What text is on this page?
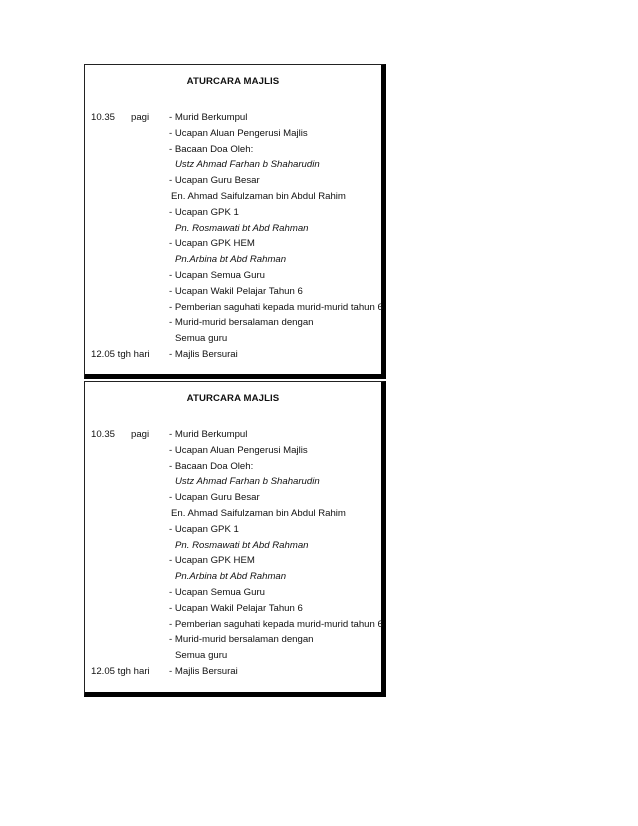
ATURCARA MAJLIS
10.35 pagi - Murid Berkumpul
- Ucapan Aluan Pengerusi Majlis
- Bacaan Doa Oleh:
Ustz Ahmad Farhan b Shaharudin
- Ucapan Guru Besar
En. Ahmad Saifulzaman bin Abdul Rahim
- Ucapan GPK 1
Pn. Rosmawati bt Abd Rahman
- Ucapan GPK HEM
Pn.Arbina bt Abd Rahman
- Ucapan Semua Guru
- Ucapan Wakil Pelajar Tahun 6
- Pemberian saguhati kepada murid-murid tahun 6
- Murid-murid bersalaman dengan
Semua guru
12.05 tgh hari - Majlis Bersurai
ATURCARA MAJLIS
10.35 pagi - Murid Berkumpul
- Ucapan Aluan Pengerusi Majlis
- Bacaan Doa Oleh:
Ustz Ahmad Farhan b Shaharudin
- Ucapan Guru Besar
En. Ahmad Saifulzaman bin Abdul Rahim
- Ucapan GPK 1
Pn. Rosmawati bt Abd Rahman
- Ucapan GPK HEM
Pn.Arbina bt Abd Rahman
- Ucapan Semua Guru
- Ucapan Wakil Pelajar Tahun 6
- Pemberian saguhati kepada murid-murid tahun 6
- Murid-murid bersalaman dengan
Semua guru
12.05 tgh hari - Majlis Bersurai
